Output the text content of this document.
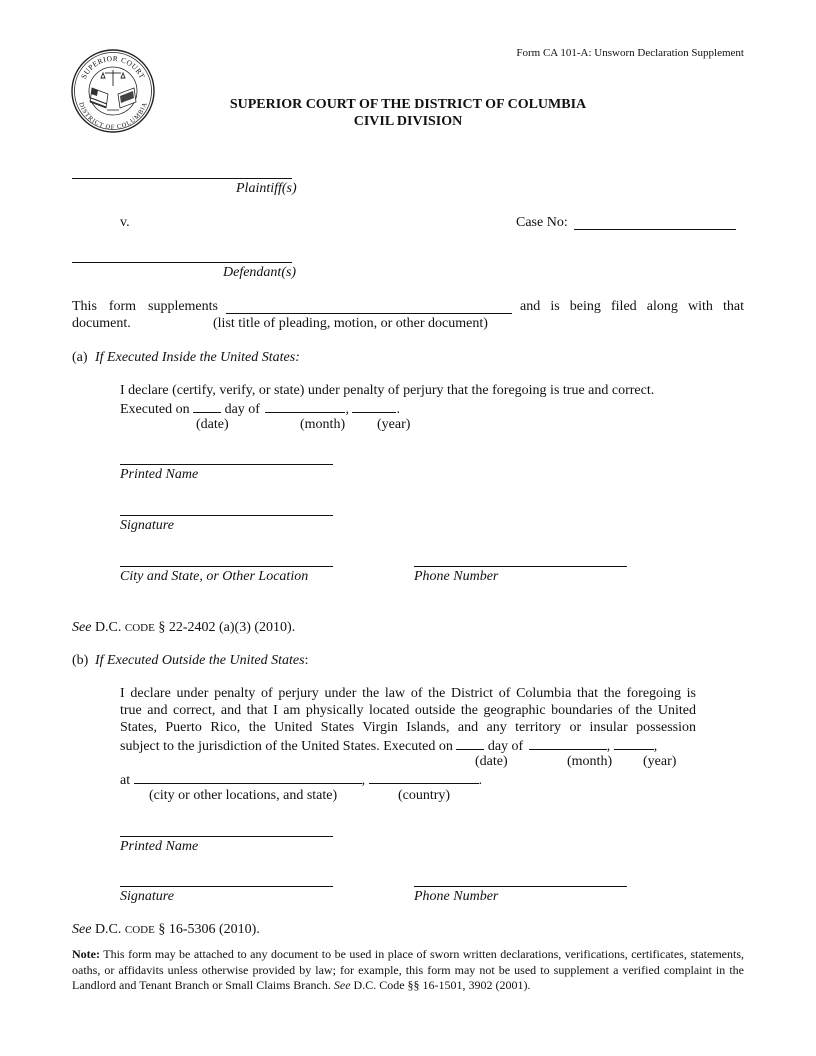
Form CA 101-A: Unsworn Declaration Supplement
SUPERIOR COURT
DISTRICT OF COLUMBIA	SUPERIOR COURT OF THE DISTRICT OF COLUMBIA
CIVIL DIVISION
Plaintiff(s)
v.	Case No:
Defendant(s)
This form supplements	and is being filed along with that
document.	(list title of pleading, motion, or other document)
(a) If Executed Inside the United States:
I declare (certify, verify, or state) under penalty of perjury that the foregoing is true and correct.
Executed on	day of	,	.
(date)	(month) (year)
Printed Name
Signature
City and State, or Other Location	Phone Number
See D.C. CODE § 22-2402 (a)(3) (2010).
(b) If Executed Outside the United States:
I declare under penalty of perjury under the law of the District of Columbia that the foregoing is
true and correct, and that I am physically located outside the geographic boundaries of the United
States, Puerto Rico, the United States Virgin Islands, and any territory or insular possession
subject to the jurisdiction of the United States. Executed on	day of	,	,
(date)	(month) (year)
at	,	.
(city or other locations, and state)	(country)
Printed Name
Signature	Phone Number
See D.C. CODE § 16-5306 (2010).
Note: This form may be attached to any document to be used in place of sworn written declarations, verifications, certificates, statements, oaths, or affidavits unless otherwise provided by law; for example, this form may not be used to supplement a verified complaint in the Landlord and Tenant Branch or Small Claims Branch. See D.C. Code §§ 16-1501, 3902 (2001).
